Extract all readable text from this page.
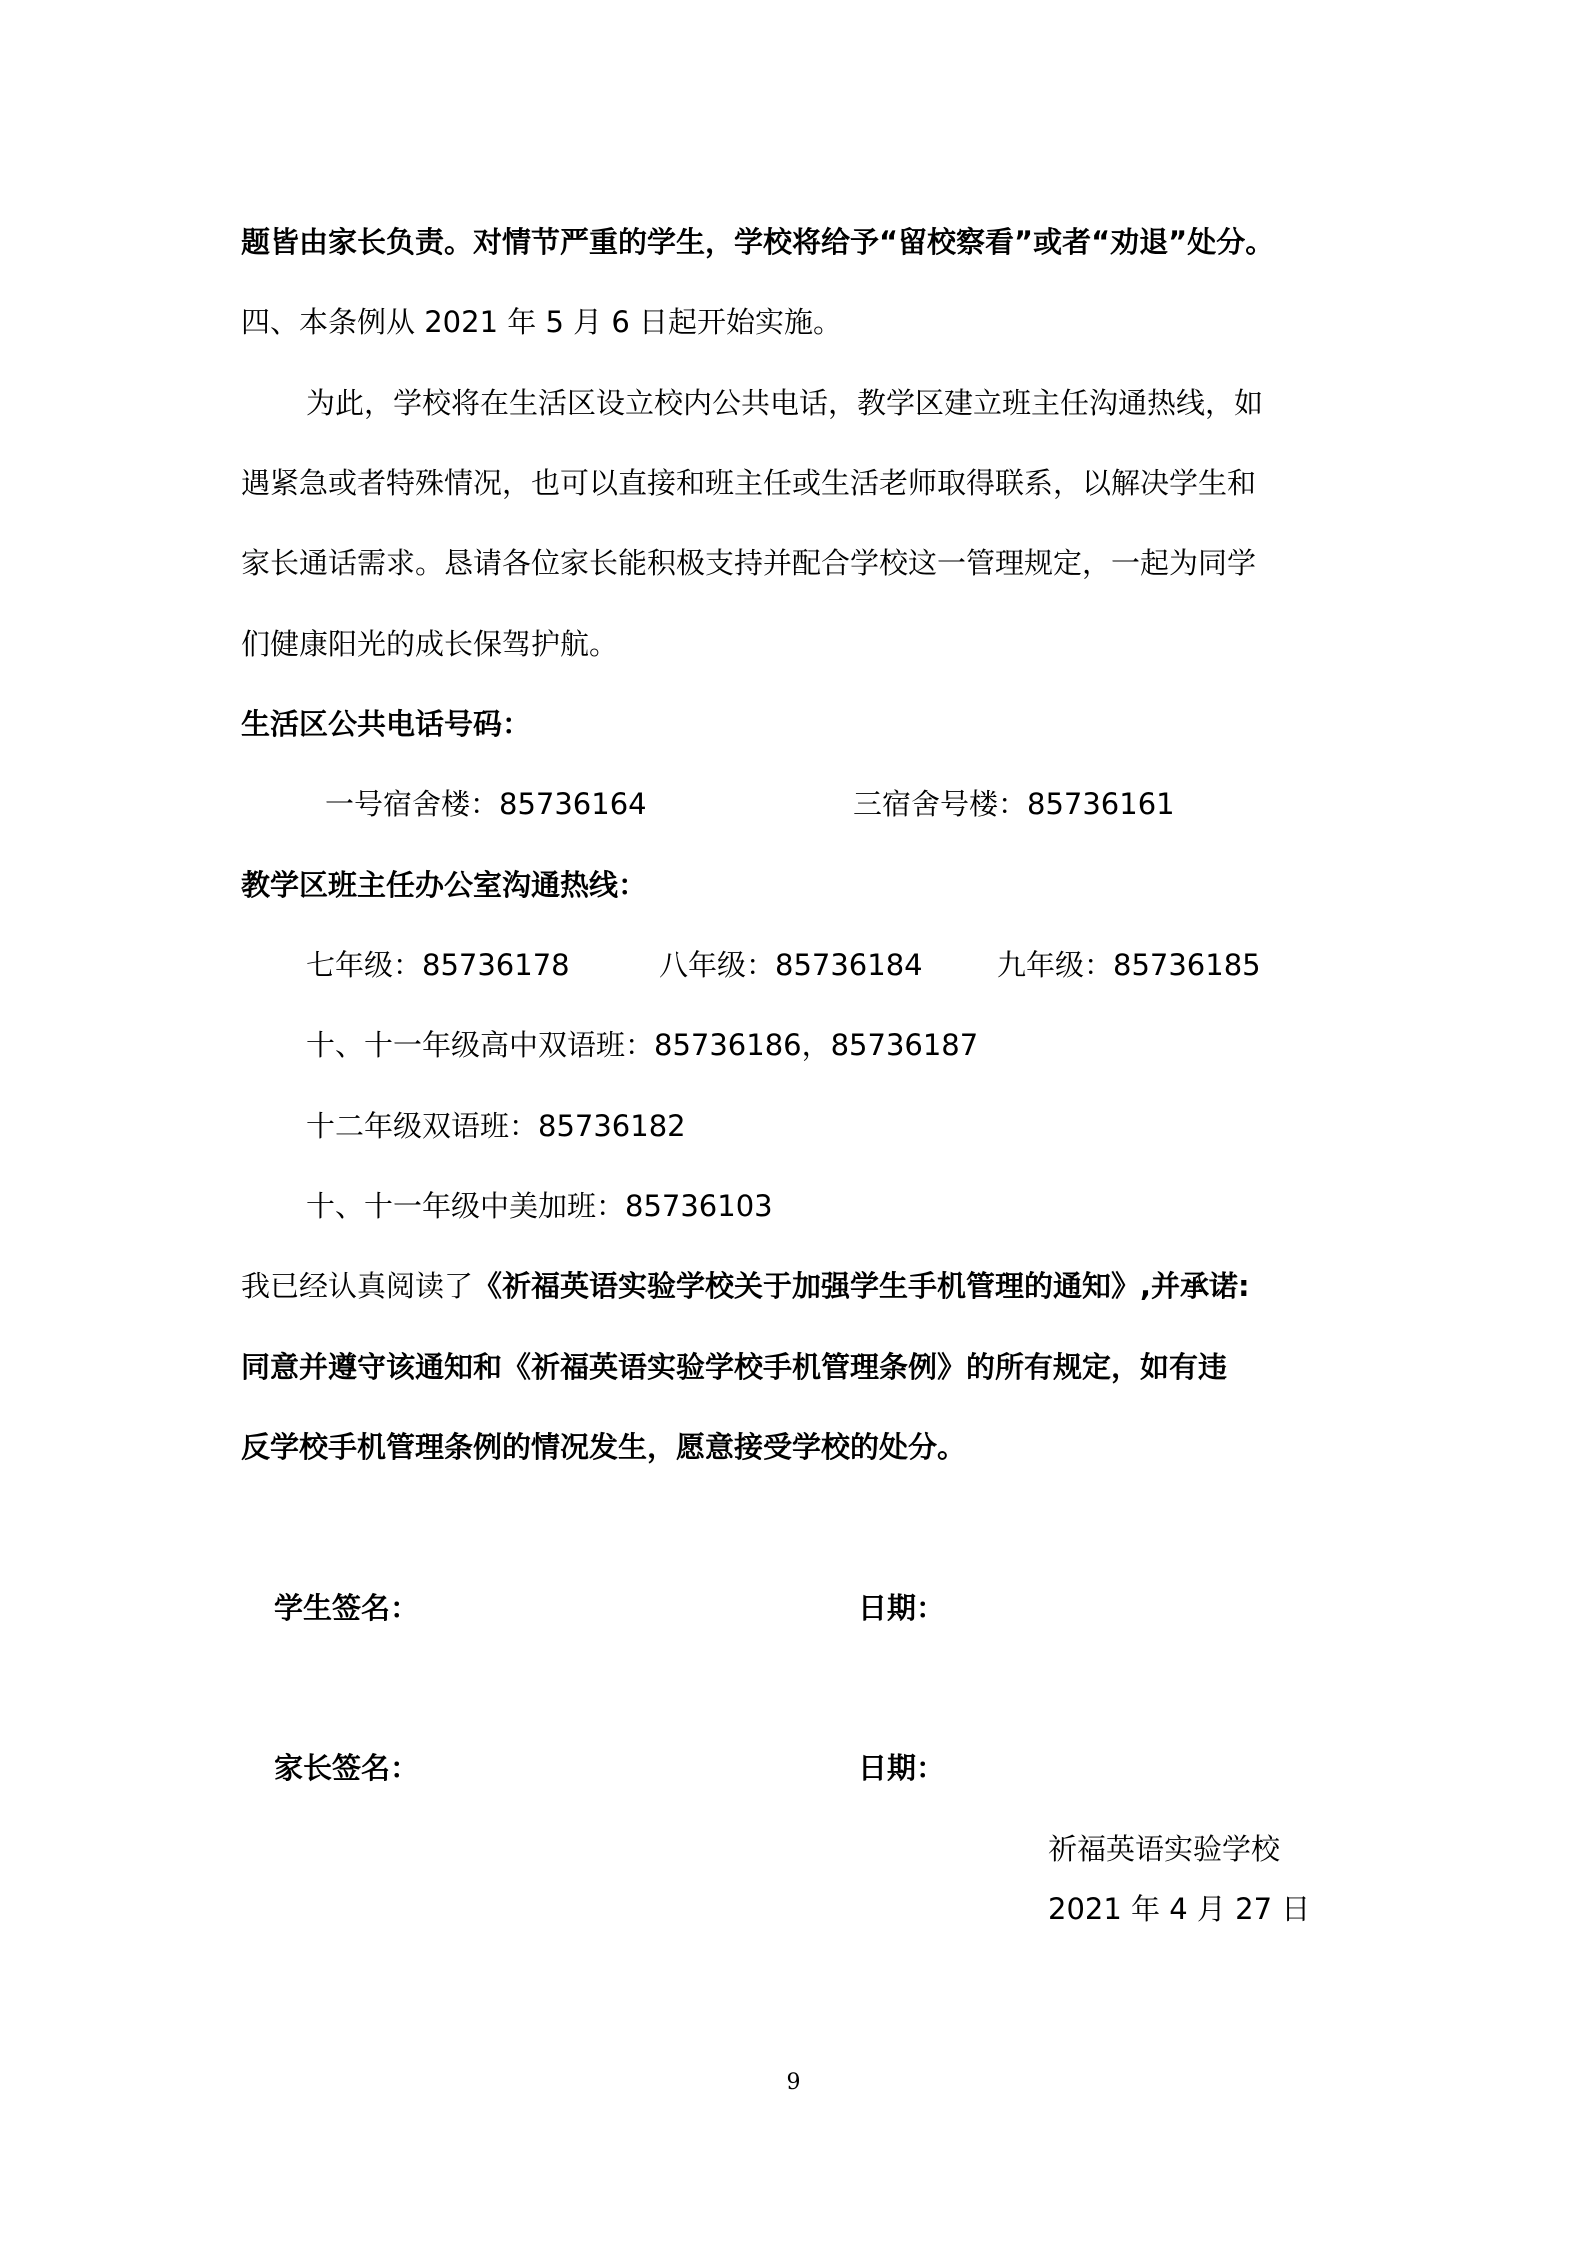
题皆由家长负责。对情节严重的学生，学校将给予“留校察看”或者“劝退”处分。
四、本条例从 2021 年 5 月 6 日起开始实施。
为此，学校将在生活区设立校内公共电话，教学区建立班主任沟通热线，如
遇紧急或者特殊情况，也可以直接和班主任或生活老师取得联系，以解决学生和
家长通话需求。恳请各位家长能积极支持并配合学校这一管理规定，一起为同学
们健康阳光的成长保驾护航。
生活区公共电话号码：
一号宿舍楼：85736164	三宿舍号楼：85736161
教学区班主任办公室沟通热线：
七年级：85736178	八年级：85736184	九年级：85736185
十、十一年级高中双语班：85736186，85736187
十二年级双语班：85736182
十、十一年级中美加班：85736103
我已经认真阅读了《祈福英语实验学校关于加强学生手机管理的通知》,并承诺:
同意并遵守该通知和《祈福英语实验学校手机管理条例》的所有规定，如有违
反学校手机管理条例的情况发生，愿意接受学校的处分。
学生签名：	日期：
家长签名：	日期：
祈福英语实验学校
2021 年 4 月 27 日
9
